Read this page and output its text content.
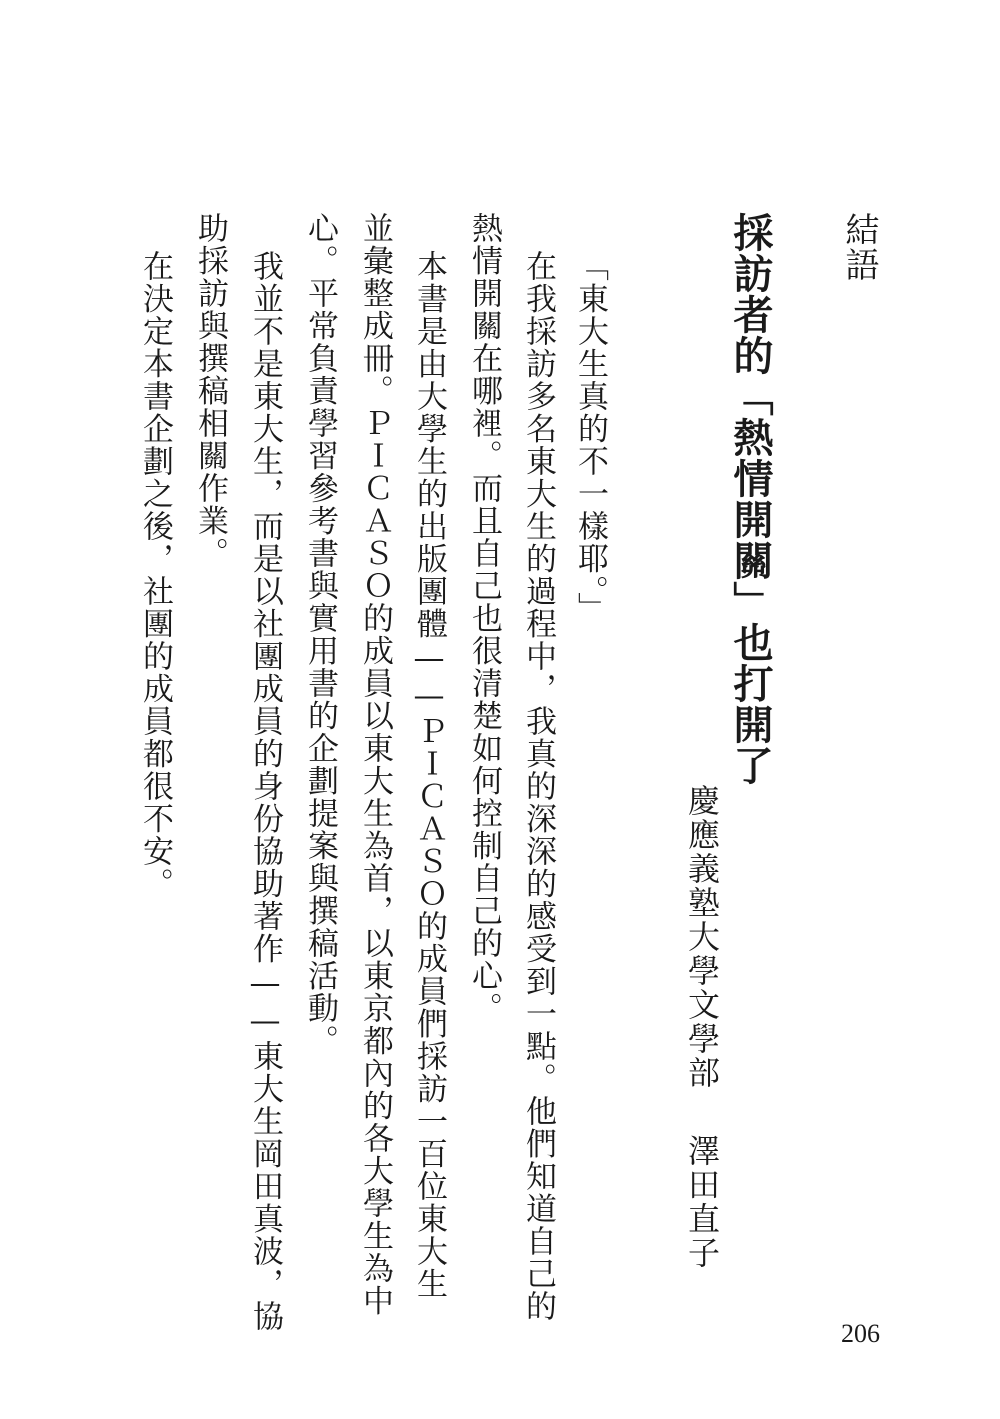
結語
採訪者的「熱情開關」也打開了
慶應義塾大學文學部澤田直子
「東大生真的不一樣耶。」
在我採訪多名東大生的過程中，我真的深深的感受到一點。他們知道自己的
熱情開關在哪裡。而且自己也很清楚如何控制自己的心。
本書是由大學生的出版團體——ＰＩＣＡＳＯ的成員們採訪一百位東大生
並彙整成冊。ＰＩＣＡＳＯ的成員以東大生為首，以東京都內的各大學生為中
心。平常負責學習參考書與實用書的企劃提案與撰稿活動。
我並不是東大生，而是以社團成員的身份協助著作——東大生岡田真波，協
助採訪與撰稿相關作業。
在決定本書企劃之後，社團的成員都很不安。
206
